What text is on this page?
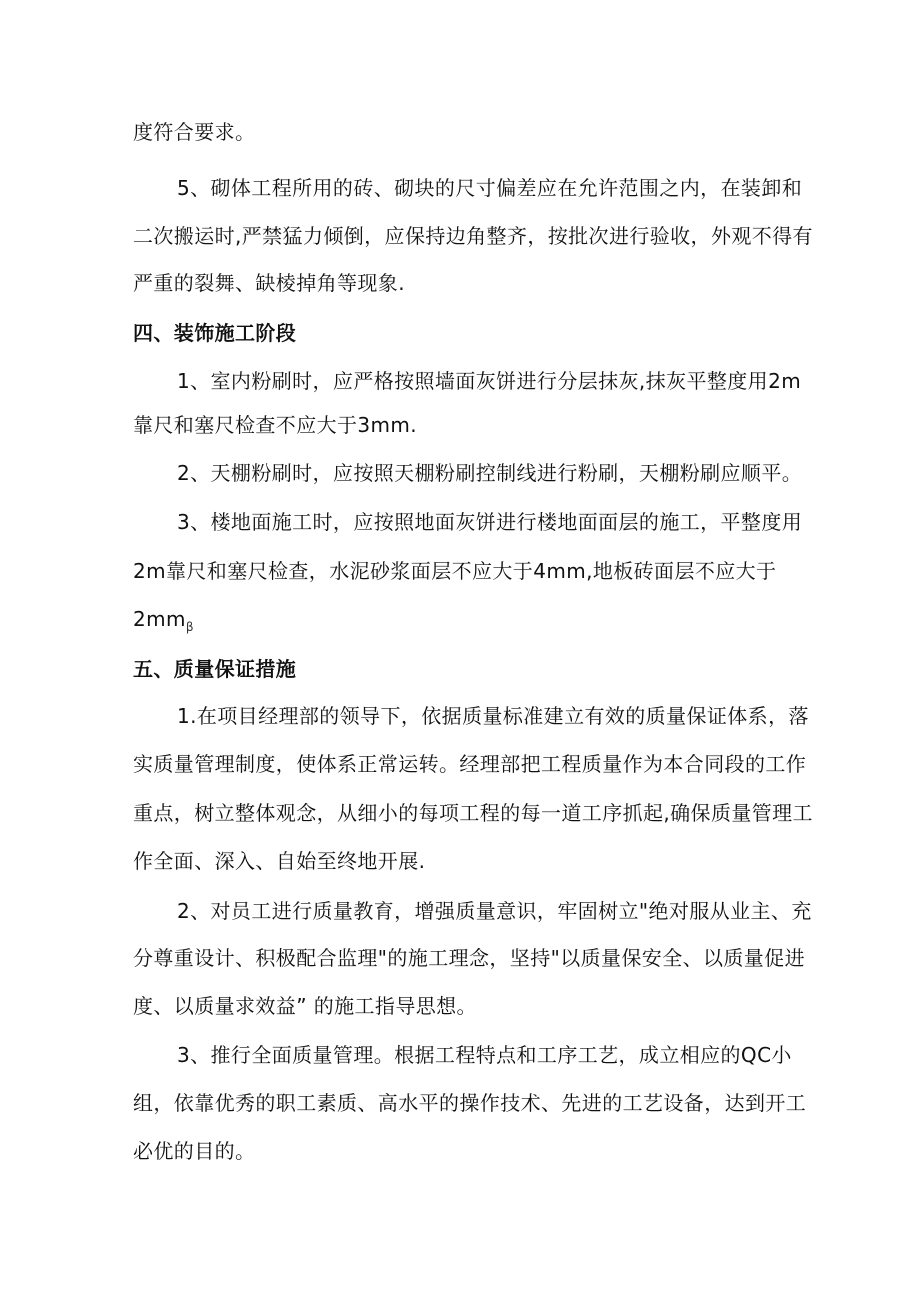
度符合要求。
5、砌体工程所用的砖、砌块的尺寸偏差应在允许范围之内，在装卸和
二次搬运时,严禁猛力倾倒，应保持边角整齐，按批次进行验收，外观不得有
严重的裂舞、缺棱掉角等现象.
四、装饰施工阶段
1、室内粉刷时，应严格按照墙面灰饼进行分层抹灰,抹灰平整度用2m
靠尺和塞尺检查不应大于3mm.
2、天棚粉刷时，应按照天棚粉刷控制线进行粉刷，天棚粉刷应顺平。
3、楼地面施工时，应按照地面灰饼进行楼地面面层的施工，平整度用
2m靠尺和塞尺检查，水泥砂浆面层不应大于4mm,地板砖面层不应大于
$2mm_\beta$
五、质量保证措施
1.在项目经理部的领导下，依据质量标准建立有效的质量保证体系，落
实质量管理制度，使体系正常运转。经理部把工程质量作为本合同段的工作
重点，树立整体观念，从细小的每项工程的每一道工序抓起,确保质量管理工
作全面、深入、自始至终地开展.
2、对员工进行质量教育，增强质量意识，牢固树立"绝对服从业主、充
分尊重设计、积极配合监理"的施工理念，坚持"以质量保安全、以质量促进
度、以质量求效益” 的施工指导思想。
3、推行全面质量管理。根据工程特点和工序工艺，成立相应的QC小
组，依靠优秀的职工素质、高水平的操作技术、先进的工艺设备，达到开工
必优的目的。
